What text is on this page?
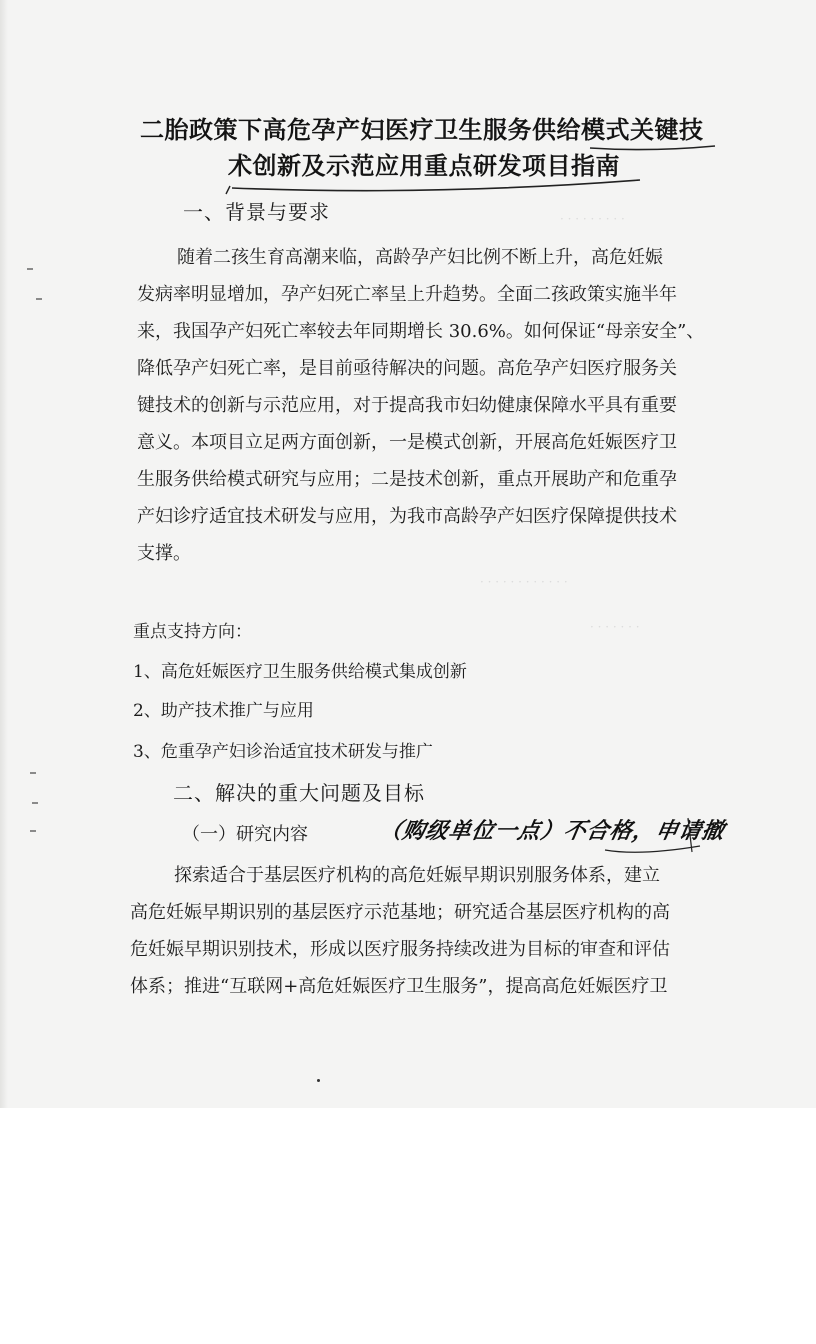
二胎政策下高危孕产妇医疗卫生服务供给模式关键技
术创新及示范应用重点研发项目指南
一、背景与要求
随着二孩生育高潮来临，高龄孕产妇比例不断上升，高危妊娠
发病率明显增加，孕产妇死亡率呈上升趋势。全面二孩政策实施半年
来，我国孕产妇死亡率较去年同期增长 30.6%。如何保证“母亲安全”、
降低孕产妇死亡率，是目前亟待解决的问题。高危孕产妇医疗服务关
键技术的创新与示范应用，对于提高我市妇幼健康保障水平具有重要
意义。本项目立足两方面创新，一是模式创新，开展高危妊娠医疗卫
生服务供给模式研究与应用；二是技术创新，重点开展助产和危重孕
产妇诊疗适宜技术研发与应用，为我市高龄孕产妇医疗保障提供技术
支撑。
· · · · · · · · ·
· · · · · · · · · · · ·
· · · · · · ·
重点支持方向：
1、高危妊娠医疗卫生服务供给模式集成创新
2、助产技术推广与应用
3、危重孕产妇诊治适宜技术研发与推广
二、解决的重大问题及目标
（一）研究内容	（购级单位一点）不合格，申请撤
探索适合于基层医疗机构的高危妊娠早期识别服务体系，建立
高危妊娠早期识别的基层医疗示范基地；研究适合基层医疗机构的高
危妊娠早期识别技术，形成以医疗服务持续改进为目标的审查和评估
体系；推进“互联网+高危妊娠医疗卫生服务”，提高高危妊娠医疗卫
